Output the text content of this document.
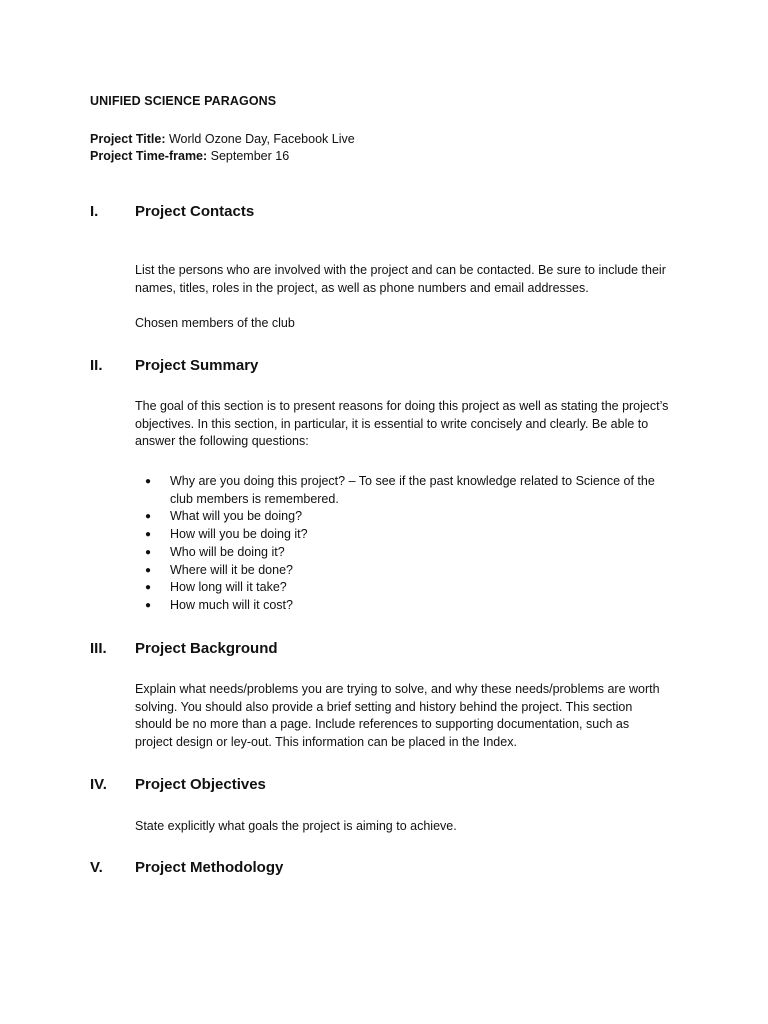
UNIFIED SCIENCE PARAGONS
Project Title: World Ozone Day, Facebook Live
Project Time-frame: September 16
I. Project Contacts
List the persons who are involved with the project and can be contacted. Be sure to include their
names, titles, roles in the project, as well as phone numbers and email addresses.
Chosen members of the club
II. Project Summary
The goal of this section is to present reasons for doing this project as well as stating the project’s
objectives. In this section, in particular, it is essential to write concisely and clearly. Be able to
answer the following questions:
● Why are you doing this project? – To see if the past knowledge related to Science of the
club members is remembered.
● What will you be doing?
● How will you be doing it?
● Who will be doing it?
● Where will it be done?
● How long will it take?
● How much will it cost?
III. Project Background
Explain what needs/problems you are trying to solve, and why these needs/problems are worth
solving. You should also provide a brief setting and history behind the project. This section
should be no more than a page. Include references to supporting documentation, such as
project design or ley-out. This information can be placed in the Index.
IV. Project Objectives
State explicitly what goals the project is aiming to achieve.
V. Project Methodology
